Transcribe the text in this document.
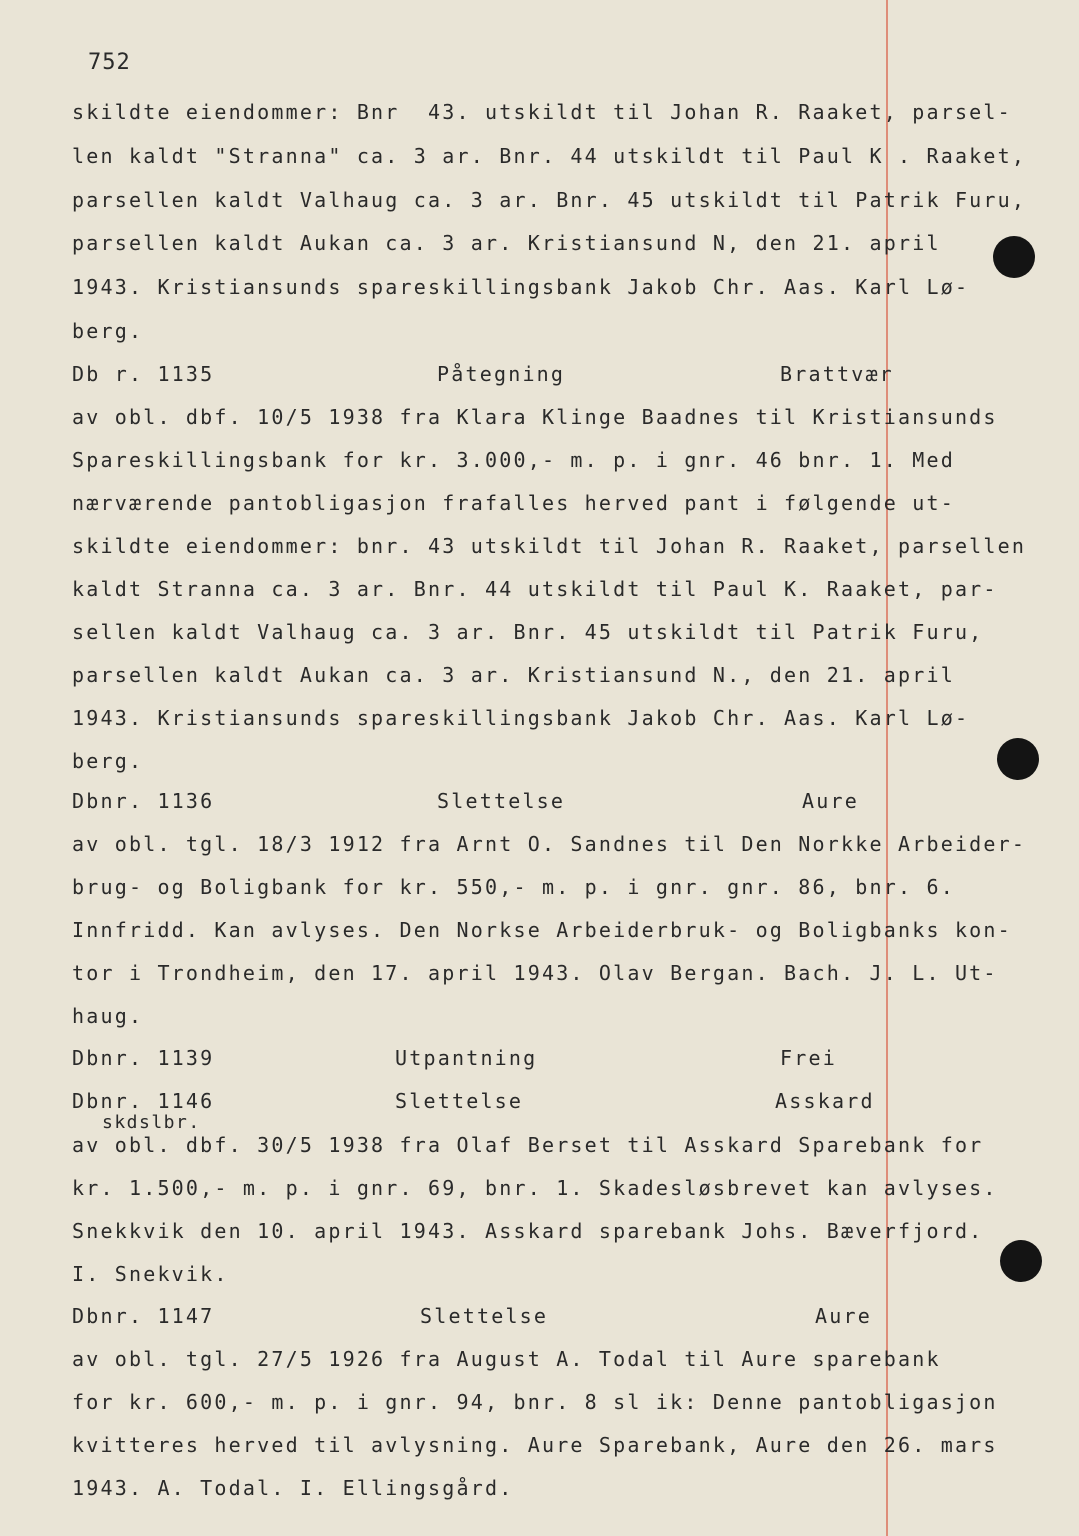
752
skildte eiendommer: Bnr  43. utskildt til Johan R. Raaket, parsel-
len kaldt "Stranna" ca. 3 ar. Bnr. 44 utskildt til Paul K . Raaket,
parsellen kaldt Valhaug ca. 3 ar. Bnr. 45 utskildt til Patrik Furu,
parsellen kaldt Aukan ca. 3 ar. Kristiansund N, den 21. april
1943. Kristiansunds spareskillingsbank Jakob Chr. Aas. Karl Lø-
berg.
Db r. 1135	Påtegning	Brattvær
av obl. dbf. 10/5 1938 fra Klara Klinge Baadnes til Kristiansunds
Spareskillingsbank for kr. 3.000,- m. p. i gnr. 46 bnr. 1. Med
nærværende pantobligasjon frafalles herved pant i følgende ut-
skildte eiendommer: bnr. 43 utskildt til Johan R. Raaket, parsellen
kaldt Stranna ca. 3 ar. Bnr. 44 utskildt til Paul K. Raaket, par-
sellen kaldt Valhaug ca. 3 ar. Bnr. 45 utskildt til Patrik Furu,
parsellen kaldt Aukan ca. 3 ar. Kristiansund N., den 21. april
1943. Kristiansunds spareskillingsbank Jakob Chr. Aas. Karl Lø-
berg.
Dbnr. 1136	Slettelse	Aure
av obl. tgl. 18/3 1912 fra Arnt O. Sandnes til Den Norkke Arbeider-
brug- og Boligbank for kr. 550,- m. p. i gnr. gnr. 86, bnr. 6.
Innfridd. Kan avlyses. Den Norkse Arbeiderbruk- og Boligbanks kon-
tor i Trondheim, den 17. april 1943. Olav Bergan. Bach. J. L. Ut-
haug.
Dbnr. 1139	Utpantning	Frei
Dbnr. 1146	Slettelse	Asskard
skdslbr.
av obl. dbf. 30/5 1938 fra Olaf Berset til Asskard Sparebank for
kr. 1.500,- m. p. i gnr. 69, bnr. 1. Skadesløsbrevet kan avlyses.
Snekkvik den 10. april 1943. Asskard sparebank Johs. Bæverfjord.
I. Snekvik.
Dbnr. 1147	Slettelse	Aure
av obl. tgl. 27/5 1926 fra August A. Todal til Aure sparebank
for kr. 600,- m. p. i gnr. 94, bnr. 8 sl ik: Denne pantobligasjon
kvitteres herved til avlysning. Aure Sparebank, Aure den 26. mars
1943. A. Todal. I. Ellingsgård.
